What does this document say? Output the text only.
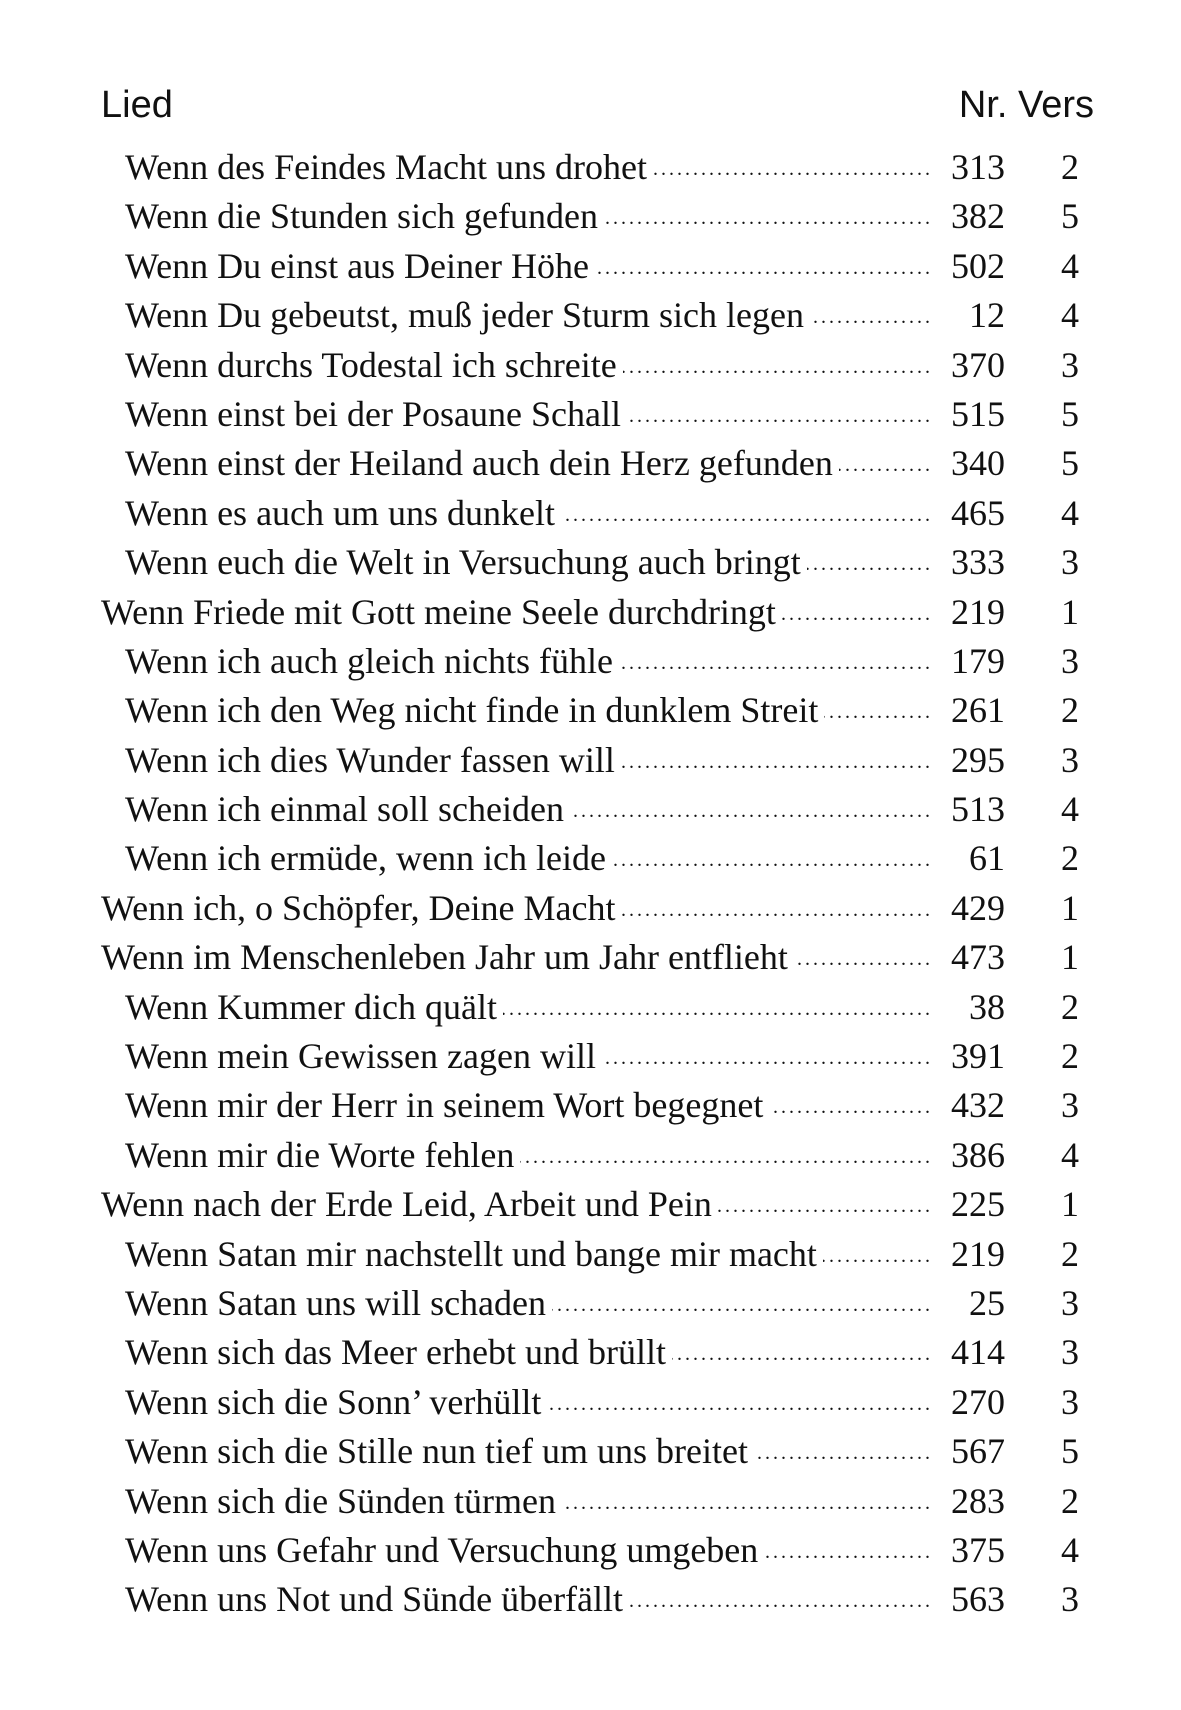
Lied	Nr. Vers
Wenn des Feindes Macht uns drohet . . .	313	2
Wenn die Stunden sich gefunden . . .	382	5
Wenn Du einst aus Deiner Höhe . . .	502	4
Wenn Du gebeutst, muß jeder Sturm sich legen . . .	12	4
Wenn durchs Todestal ich schreite . . .	370	3
Wenn einst bei der Posaune Schall . . .	515	5
Wenn einst der Heiland auch dein Herz gefunden . . .	340	5
Wenn es auch um uns dunkelt . . .	465	4
Wenn euch die Welt in Versuchung auch bringt . . .	333	3
Wenn Friede mit Gott meine Seele durchdringt . . .	219	1
Wenn ich auch gleich nichts fühle . . .	179	3
Wenn ich den Weg nicht finde in dunklem Streit . . .	261	2
Wenn ich dies Wunder fassen will . . .	295	3
Wenn ich einmal soll scheiden . . .	513	4
Wenn ich ermüde, wenn ich leide . . .	61	2
Wenn ich, o Schöpfer, Deine Macht . . .	429	1
Wenn im Menschenleben Jahr um Jahr entflieht . . .	473	1
Wenn Kummer dich quält . . .	38	2
Wenn mein Gewissen zagen will . . .	391	2
Wenn mir der Herr in seinem Wort begegnet . . .	432	3
Wenn mir die Worte fehlen . . .	386	4
Wenn nach der Erde Leid, Arbeit und Pein . . .	225	1
Wenn Satan mir nachstellt und bange mir macht . . .	219	2
Wenn Satan uns will schaden . . .	25	3
Wenn sich das Meer erhebt und brüllt . . .	414	3
Wenn sich die Sonn’ verhüllt . . .	270	3
Wenn sich die Stille nun tief um uns breitet . . .	567	5
Wenn sich die Sünden türmen . . .	283	2
Wenn uns Gefahr und Versuchung umgeben . . .	375	4
Wenn uns Not und Sünde überfällt . . .	563	3
